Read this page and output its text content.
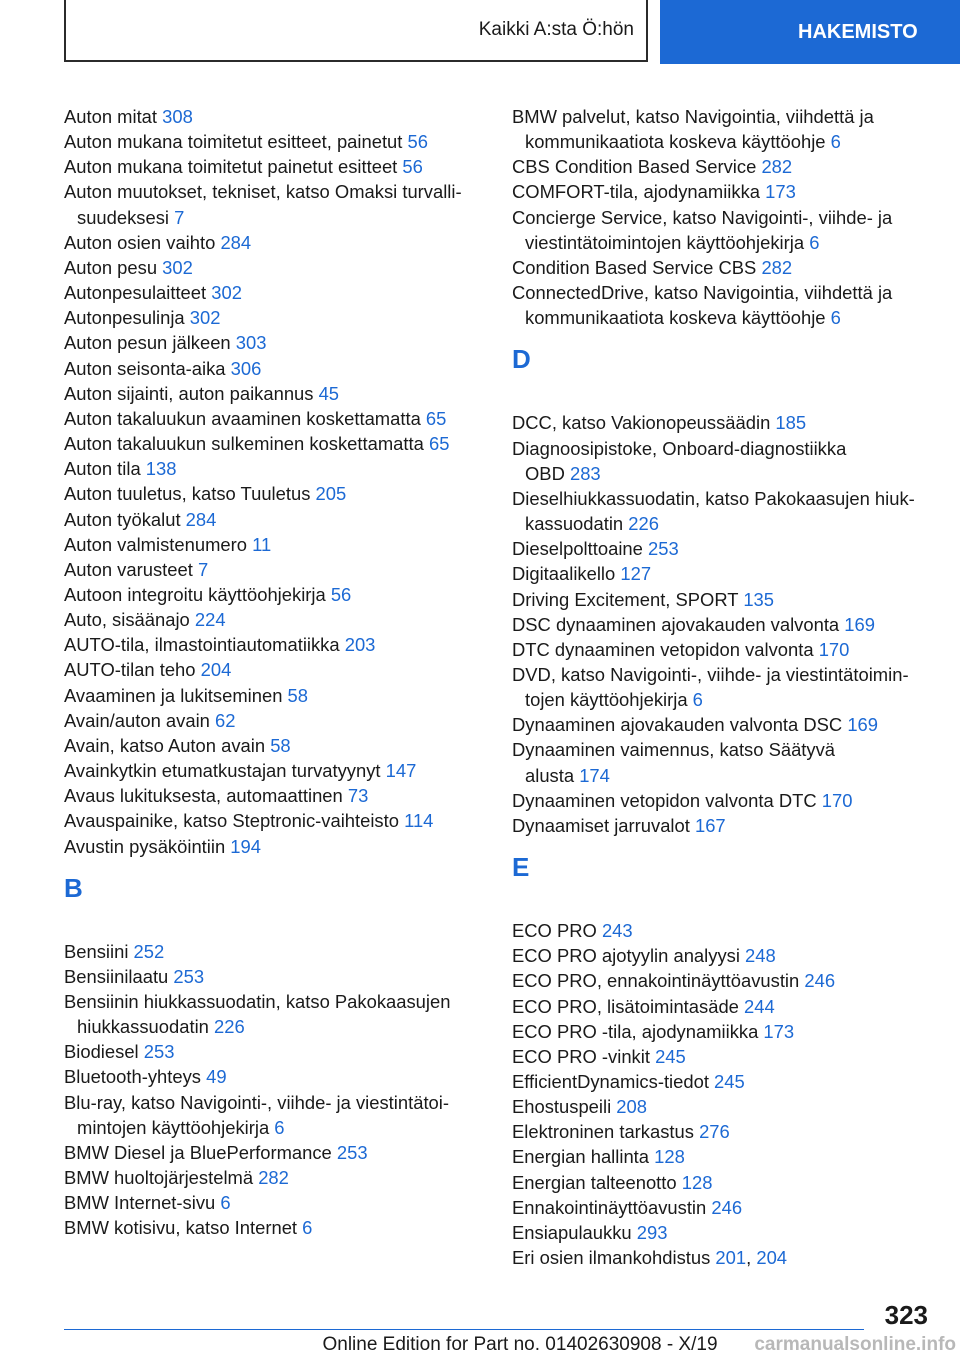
Kaikki A:sta Ö:hön	HAKEMISTO
Auton mitat 308
Auton mukana toimitetut esitteet, painetut 56
Auton mukana toimitetut painetut esitteet 56
Auton muutokset, tekniset, katso Omaksi turvalli-
suudeksesi 7
Auton osien vaihto 284
Auton pesu 302
Autonpesulaitteet 302
Autonpesulinja 302
Auton pesun jälkeen 303
Auton seisonta-aika 306
Auton sijainti, auton paikannus 45
Auton takaluukun avaaminen koskettamatta 65
Auton takaluukun sulkeminen koskettamatta 65
Auton tila 138
Auton tuuletus, katso Tuuletus 205
Auton työkalut 284
Auton valmistenumero 11
Auton varusteet 7
Autoon integroitu käyttöohjekirja 56
Auto, sisäänajo 224
AUTO-tila, ilmastointiautomatiikka 203
AUTO-tilan teho 204
Avaaminen ja lukitseminen 58
Avain/auton avain 62
Avain, katso Auton avain 58
Avainkytkin etumatkustajan turvatyynyt 147
Avaus lukituksesta, automaattinen 73
Avauspainike, katso Steptronic-vaihteisto 114
Avustin pysäköintiin 194
B
Bensiini 252
Bensiinilaatu 253
Bensiinin hiukkassuodatin, katso Pakokaasujen
hiukkassuodatin 226
Biodiesel 253
Bluetooth-yhteys 49
Blu-ray, katso Navigointi-, viihde- ja viestintätoi-
mintojen käyttöohjekirja 6
BMW Diesel ja BluePerformance 253
BMW huoltojärjestelmä 282
BMW Internet-sivu 6
BMW kotisivu, katso Internet 6
BMW palvelut, katso Navigointia, viihdettä ja
kommunikaatiota koskeva käyttöohje 6
CBS Condition Based Service 282
COMFORT-tila, ajodynamiikka 173
Concierge Service, katso Navigointi-, viihde- ja
viestintätoimintojen käyttöohjekirja 6
Condition Based Service CBS 282
ConnectedDrive, katso Navigointia, viihdettä ja
kommunikaatiota koskeva käyttöohje 6
D
DCC, katso Vakionopeussäädin 185
Diagnoosipistoke, Onboard-diagnostiikka
OBD 283
Dieselhiukkassuodatin, katso Pakokaasujen hiuk-
kassuodatin 226
Dieselpolttoaine 253
Digitaalikello 127
Driving Excitement, SPORT 135
DSC dynaaminen ajovakauden valvonta 169
DTC dynaaminen vetopidon valvonta 170
DVD, katso Navigointi-, viihde- ja viestintätoimin-
tojen käyttöohjekirja 6
Dynaaminen ajovakauden valvonta DSC 169
Dynaaminen vaimennus, katso Säätyvä
alusta 174
Dynaaminen vetopidon valvonta DTC 170
Dynaamiset jarruvalot 167
E
ECO PRO 243
ECO PRO ajotyylin analyysi 248
ECO PRO, ennakointinäyttöavustin 246
ECO PRO, lisätoimintasäde 244
ECO PRO -tila, ajodynamiikka 173
ECO PRO -vinkit 245
EfficientDynamics-tiedot 245
Ehostuspeili 208
Elektroninen tarkastus 276
Energian hallinta 128
Energian talteenotto 128
Ennakointinäyttöavustin 246
Ensiapulaukku 293
Eri osien ilmankohdistus 201, 204
323
Online Edition for Part no. 01402630908 - X/19	carmanualsonline.info
